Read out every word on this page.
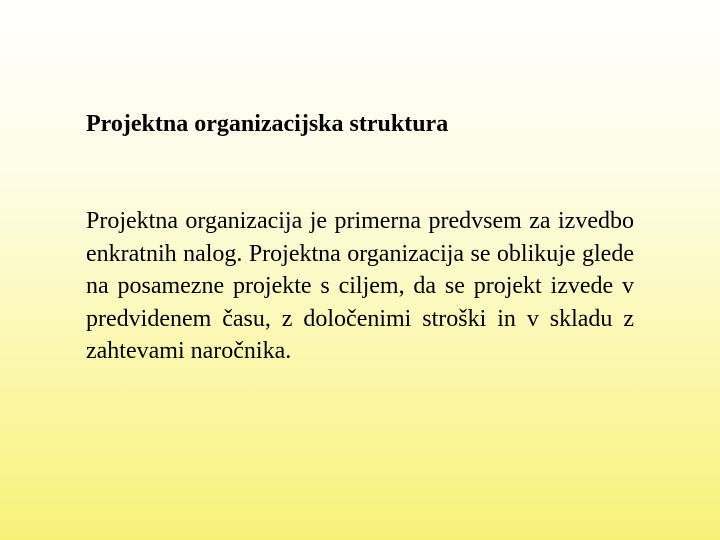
Projektna organizacijska struktura

Projektna organizacija je primerna predvsem za izvedbo enkratnih nalog. Projektna organizacija se oblikuje glede na posamezne projekte s ciljem, da se projekt izvede v predvidenem času, z določenimi stroški in v skladu z zahtevami naročnika.
